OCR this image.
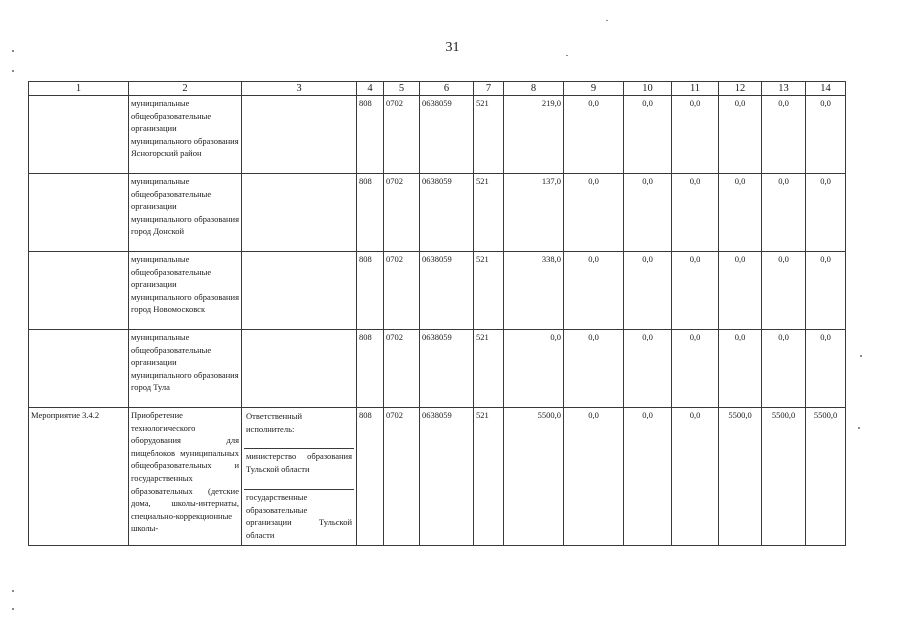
31
1	2	3	4	5	6	7	8	9	10	11	12	13	14
	муниципальные общеобразовательные организации муниципального образования Ясногорский район		808	0702	0638059	521	219,0	0,0	0,0	0,0	0,0	0,0	0,0
	муниципальные общеобразовательные организации муниципального образования город Донской		808	0702	0638059	521	137,0	0,0	0,0	0,0	0,0	0,0	0,0
	муниципальные общеобразовательные организации муниципального образования город Новомосковск		808	0702	0638059	521	338,0	0,0	0,0	0,0	0,0	0,0	0,0
	муниципальные общеобразовательные организации муниципального образования город Тула		808	0702	0638059	521	0,0	0,0	0,0	0,0	0,0	0,0	0,0
Мероприятие 3.4.2	Приобретение технологического оборудования для пищеблоков муниципальных общеобразовательных и государственных образовательных (детские дома, школы-интернаты, специально-коррекционные школы-	Ответственный исполнитель:
министерство образования Тульской области
государственные образовательные организации Тульской области	808	0702	0638059	521	5500,0	0,0	0,0	0,0	5500,0	5500,0	5500,0
